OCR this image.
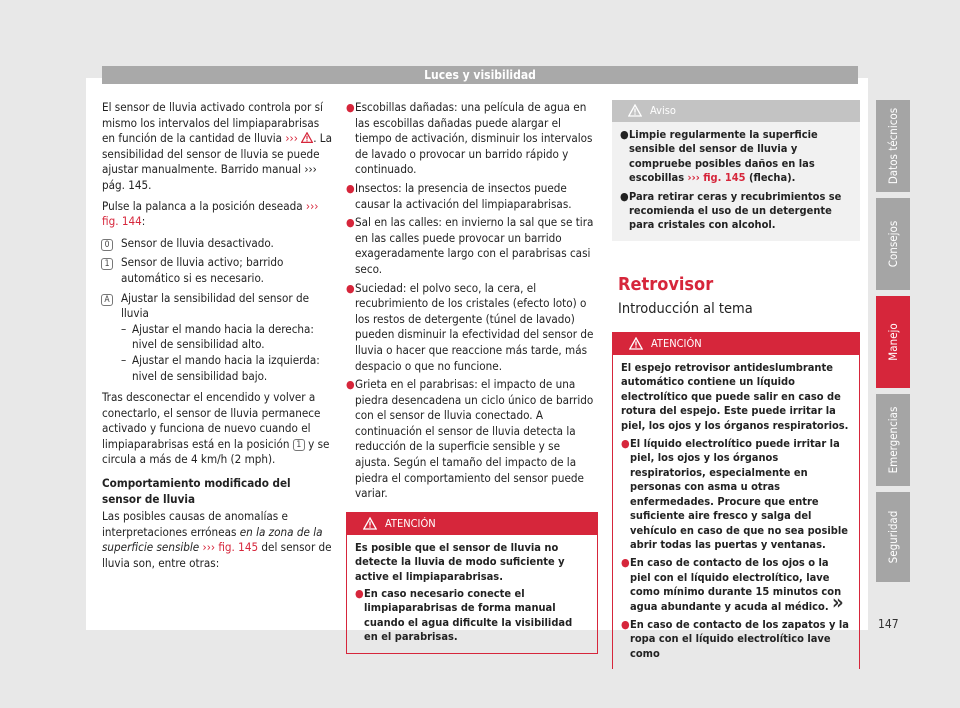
Luces y visibilidad

El sensor de lluvia activado controla por sí mismo los intervalos del limpiaparabrisas en función de la cantidad de lluvia ››› . La sensibilidad del sensor de lluvia se puede ajustar manualmente. Barrido manual ››› pág. 145.

Pulse la palanca a la posición deseada ››› fig. 144:

0 Sensor de lluvia desactivado.
1 Sensor de lluvia activo; barrido automático si es necesario.
A Ajustar la sensibilidad del sensor de lluvia
– Ajustar el mando hacia la derecha: nivel de sensibilidad alto.
– Ajustar el mando hacia la izquierda: nivel de sensibilidad bajo.

Tras desconectar el encendido y volver a conectarlo, el sensor de lluvia permanece activado y funciona de nuevo cuando el limpiaparabrisas está en la posición 1 y se circula a más de 4 km/h (2 mph).

Comportamiento modificado del sensor de lluvia

Las posibles causas de anomalías e interpretaciones erróneas en la zona de la superficie sensible ››› fig. 145 del sensor de lluvia son, entre otras:

● Escobillas dañadas: una película de agua en las escobillas dañadas puede alargar el tiempo de activación, disminuir los intervalos de lavado o provocar un barrido rápido y continuado.
● Insectos: la presencia de insectos puede causar la activación del limpiaparabrisas.
● Sal en las calles: en invierno la sal que se tira en las calles puede provocar un barrido exageradamente largo con el parabrisas casi seco.
● Suciedad: el polvo seco, la cera, el recubrimiento de los cristales (efecto loto) o los restos de detergente (túnel de lavado) pueden disminuir la efectividad del sensor de lluvia o hacer que reaccione más tarde, más despacio o que no funcione.
● Grieta en el parabrisas: el impacto de una piedra desencadena un ciclo único de barrido con el sensor de lluvia conectado. A continuación el sensor de lluvia detecta la reducción de la superficie sensible y se ajusta. Según el tamaño del impacto de la piedra el comportamiento del sensor puede variar.
ATENCIÓN
Es posible que el sensor de lluvia no detecte la lluvia de modo suficiente y active el limpiaparabrisas.
● En caso necesario conecte el limpiaparabrisas de forma manual cuando el agua dificulte la visibilidad en el parabrisas.
Aviso
● Limpie regularmente la superficie sensible del sensor de lluvia y compruebe posibles daños en las escobillas ››› fig. 145 (flecha).
● Para retirar ceras y recubrimientos se recomienda el uso de un detergente para cristales con alcohol.
Retrovisor
Introducción al tema
ATENCIÓN
El espejo retrovisor antideslumbrante automático contiene un líquido electrolítico que puede salir en caso de rotura del espejo. Este puede irritar la piel, los ojos y los órganos respiratorios.
● El líquido electrolítico puede irritar la piel, los ojos y los órganos respiratorios, especialmente en personas con asma u otras enfermedades. Procure que entre suficiente aire fresco y salga del vehículo en caso de que no sea posible abrir todas las puertas y ventanas.
● En caso de contacto de los ojos o la piel con el líquido electrolítico, lave como mínimo durante 15 minutos con agua abundante y acuda al médico.
● En caso de contacto de los zapatos y la ropa con el líquido electrolítico lave como
»
Datos técnicos
Consejos
Manejo
Emergencias
Seguridad
147
